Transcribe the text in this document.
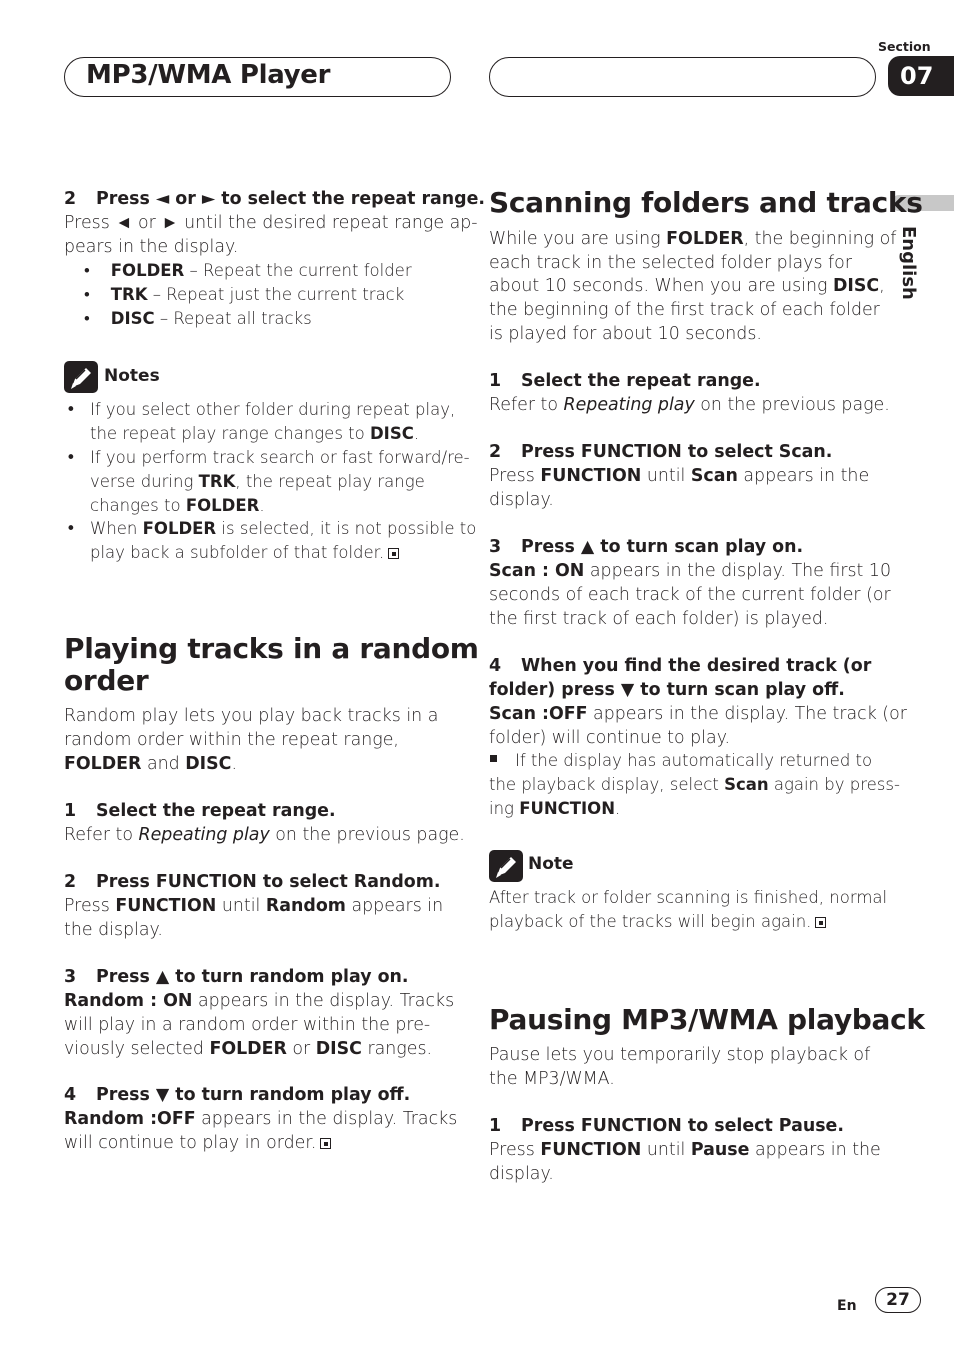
MP3/WMA Player
Section
07
English
2 Press ◄ or ► to select the repeat range.
Press ◄ or ► until the desired repeat range ap-
pears in the display.
•    FOLDER – Repeat the current folder
•    TRK – Repeat just the current track
•    DISC – Repeat all tracks
Notes
• If you select other folder during repeat play,
the repeat play range changes to DISC.
• If you perform track search or fast forward/re-
verse during TRK, the repeat play range
changes to FOLDER.
• When FOLDER is selected, it is not possible to
play back a subfolder of that folder.
Playing tracks in a random
order
Random play lets you play back tracks in a
random order within the repeat range,
FOLDER and DISC.
1 Select the repeat range.
Refer to Repeating play on the previous page.
2 Press FUNCTION to select Random.
Press FUNCTION until Random appears in
the display.
3 Press ▲ to turn random play on.
Random : ON appears in the display. Tracks
will play in a random order within the pre-
viously selected FOLDER or DISC ranges.
4 Press ▼ to turn random play off.
Random :OFF appears in the display. Tracks
will continue to play in order.
Scanning folders and tracks
While you are using FOLDER, the beginning of
each track in the selected folder plays for
about 10 seconds. When you are using DISC,
the beginning of the first track of each folder
is played for about 10 seconds.
1 Select the repeat range.
Refer to Repeating play on the previous page.
2 Press FUNCTION to select Scan.
Press FUNCTION until Scan appears in the
display.
3 Press ▲ to turn scan play on.
Scan : ON appears in the display. The first 10
seconds of each track of the current folder (or
the first track of each folder) is played.
4 When you find the desired track (or
folder) press ▼ to turn scan play off.
Scan :OFF appears in the display. The track (or
folder) will continue to play.
If the display has automatically returned to
the playback display, select Scan again by press-
ing FUNCTION.
Note
After track or folder scanning is finished, normal
playback of the tracks will begin again.
Pausing MP3/WMA playback
Pause lets you temporarily stop playback of
the MP3/WMA.
1 Press FUNCTION to select Pause.
Press FUNCTION until Pause appears in the
display.
En	27
